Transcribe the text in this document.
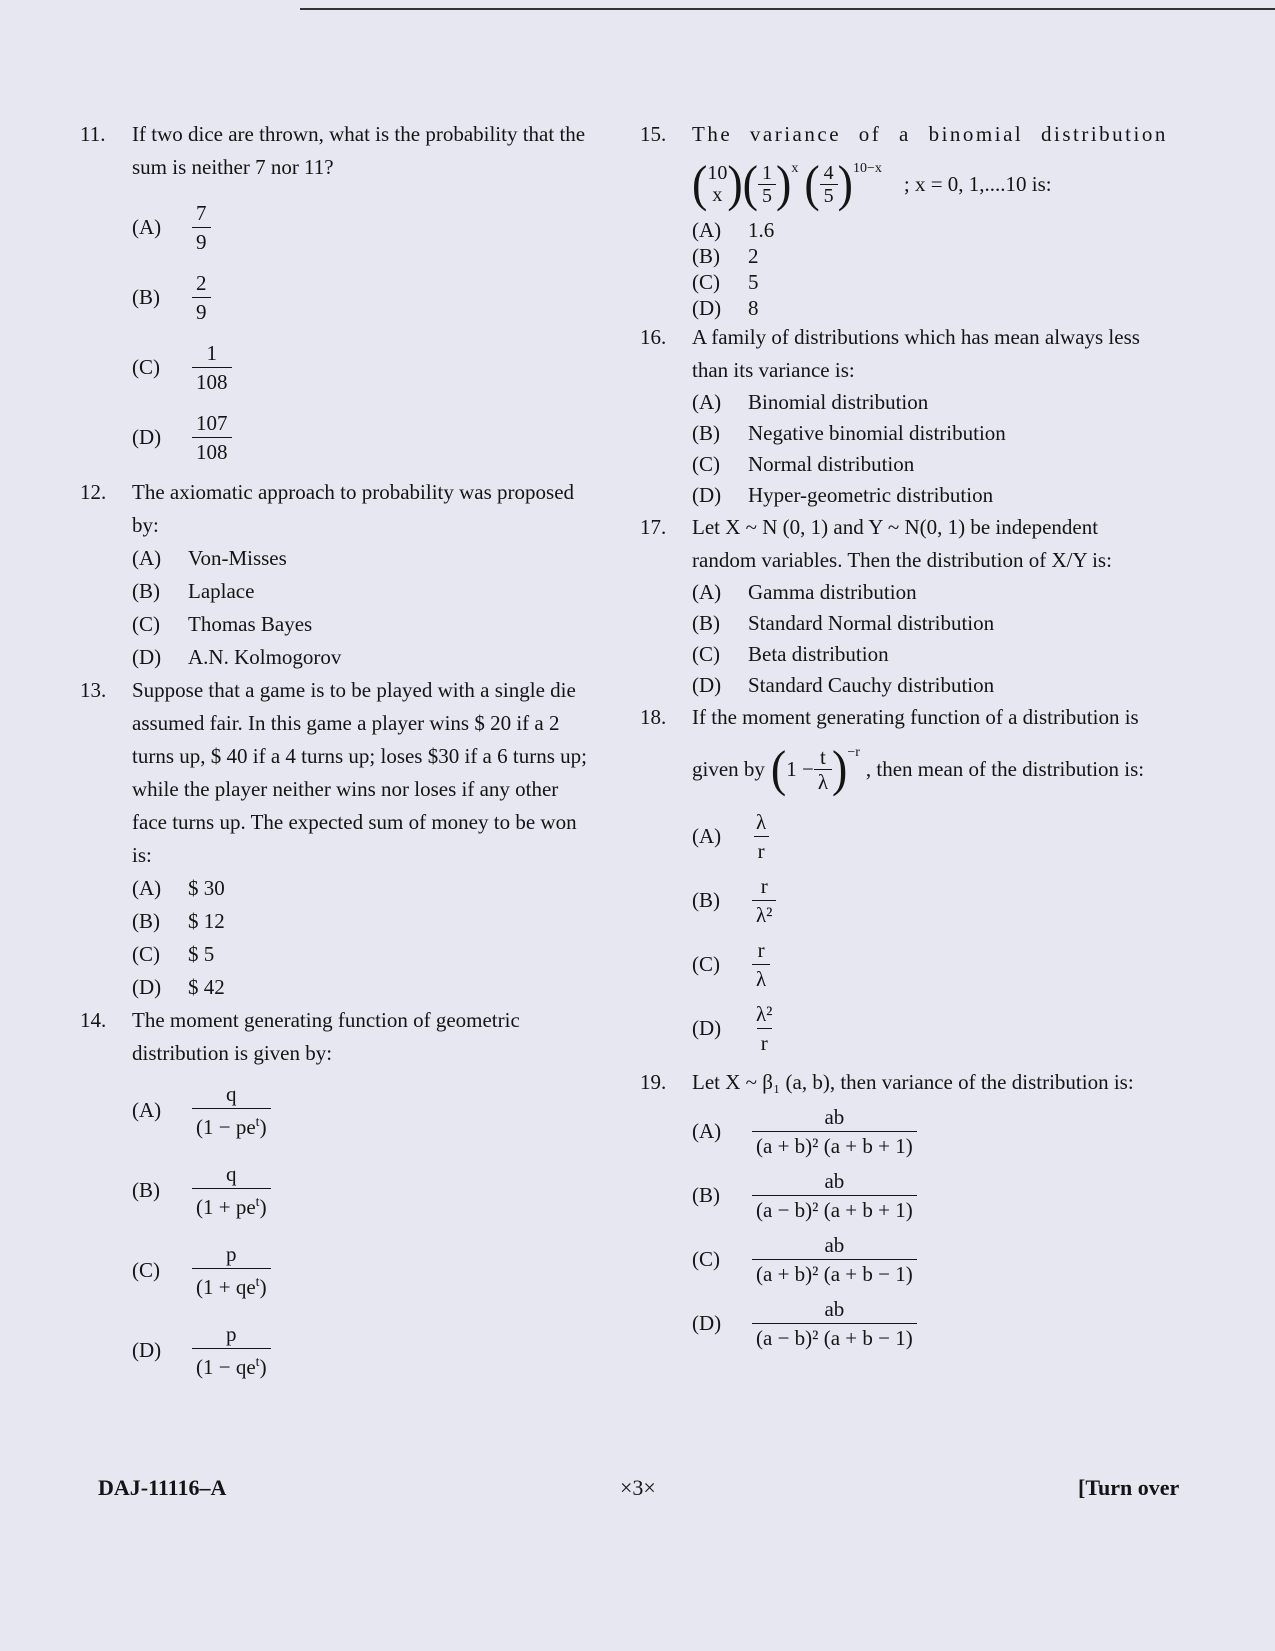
11.	If two dice are thrown, what is the probability that the
sum is neither 7 nor 11?
(A)	$\frac{7}{9}$
(B)	$\frac{2}{9}$
(C)	$\frac{1}{108}$
(D)	$\frac{107}{108}$
12.	The axiomatic approach to probability was proposed
by:
(A) Von-Misses
(B) Laplace
(C) Thomas Bayes
(D) A.N. Kolmogorov
13.	Suppose that a game is to be played with a single die
assumed fair. In this game a player wins $ 20 if a 2
turns up, $ 40 if a 4 turns up; loses $30 if a 6 turns up;
while the player neither wins nor loses if any other
face turns up. The expected sum of money to be won
is:
(A) $ 30
(B) $ 12
(C) $ 5
(D) $ 42
14.	The moment generating function of geometric
distribution is given by:
(A)	$\frac{q}{(1 - pe^t)}$
(B)	$\frac{q}{(1 + pe^t)}$
(C)	$\frac{p}{(1 + qe^t)}$
(D)	$\frac{p}{(1 - qe^t)}$
15.	The variance of a binomial distribution
( 10
x ) ( $\frac{1}{5} )^x$ ( $\frac{4}{5} )^{10-x}$
; x = 0, 1,....10 is:
(A) 1.6
(B) 2
(C) 5
(D) 8
16.	A family of distributions which has mean always less
than its variance is:
(A) Binomial distribution
(B) Negative binomial distribution
(C) Normal distribution
(D) Hyper-geometric distribution
17.	Let X ~ N (0, 1) and Y ~ N(0, 1) be independent
random variables. Then the distribution of X/Y is:
(A) Gamma distribution
(B) Standard Normal distribution
(C) Beta distribution
(D) Standard Cauchy distribution
18.	If the moment generating function of a distribution is
given by ( $1 - \frac{t}{\lambda} )^{-r}$
, then mean of the distribution is:
(A)	$\frac{\lambda}{r}$
(B)	$\frac{r}{\text{λ²}}$
(C)	$\frac{r}{\lambda}$
(D)	$\frac{\text{λ²}}{r}$
19.	Let X ~ β₁ (a, b), then variance of the distribution is:
(A)	$\frac{ab}{\text{(a + b)² (a + b + 1)}}$
(B)	$\frac{ab}{\text{(a − b)² (a + b + 1)}}$
(C)	$\frac{ab}{\text{(a + b)² (a + b − 1)}}$
(D)	$\frac{ab}{\text{(a − b)² (a + b − 1)}}$
DAJ-11116–A	×3×	[Turn over
